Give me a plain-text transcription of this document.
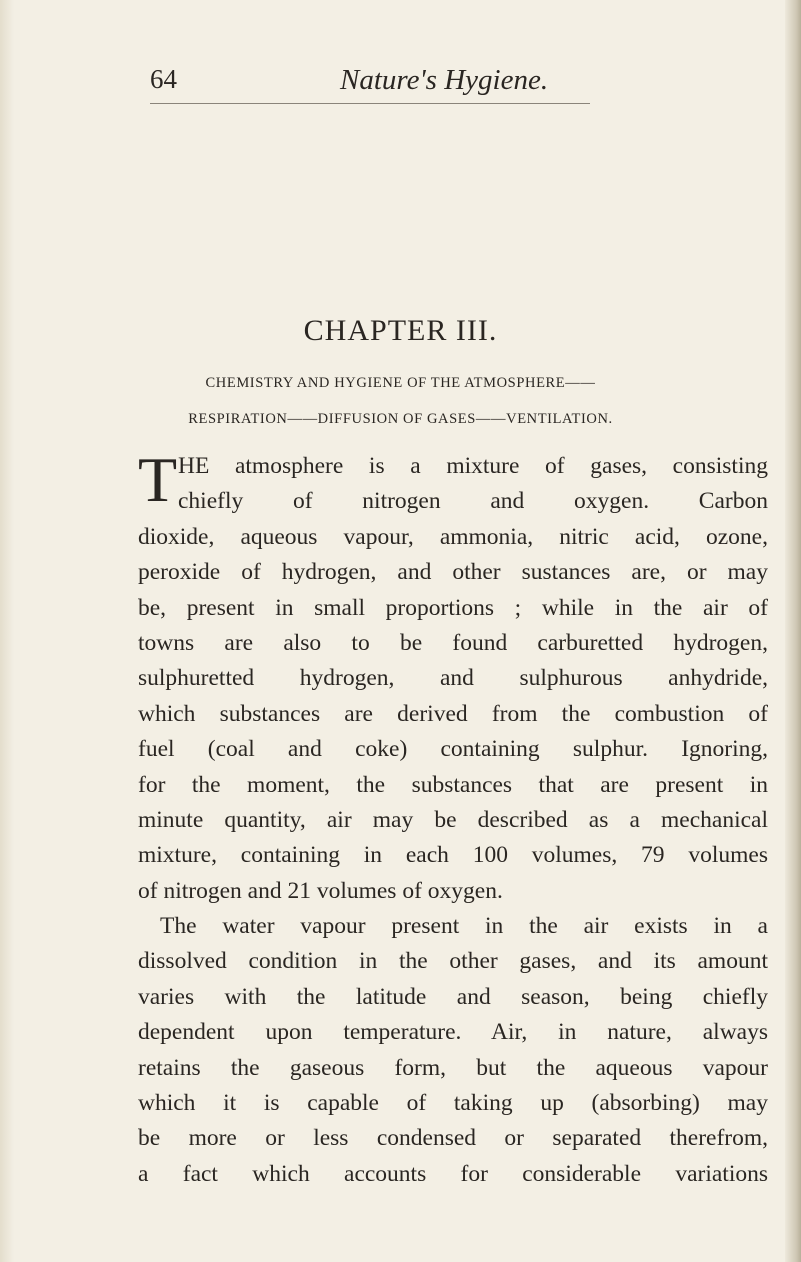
64	Nature's Hygiene.
CHAPTER III.
CHEMISTRY AND HYGIENE OF THE ATMOSPHERE——
RESPIRATION——DIFFUSION OF GASES——VENTILATION.
T HE atmosphere is a mixture of gases, consisting
chiefly of nitrogen and oxygen. Carbon
dioxide, aqueous vapour, ammonia, nitric acid, ozone,
peroxide of hydrogen, and other sustances are, or may
be, present in small proportions ; while in the air of
towns are also to be found carburetted hydrogen,
sulphuretted hydrogen, and sulphurous anhydride,
which substances are derived from the combustion of
fuel (coal and coke) containing sulphur. Ignoring,
for the moment, the substances that are present in
minute quantity, air may be described as a mechanical
mixture, containing in each 100 volumes, 79 volumes
of nitrogen and 21 volumes of oxygen.
The water vapour present in the air exists in a
dissolved condition in the other gases, and its amount
varies with the latitude and season, being chiefly
dependent upon temperature. Air, in nature, always
retains the gaseous form, but the aqueous vapour
which it is capable of taking up (absorbing) may
be more or less condensed or separated therefrom,
a fact which accounts for considerable variations
